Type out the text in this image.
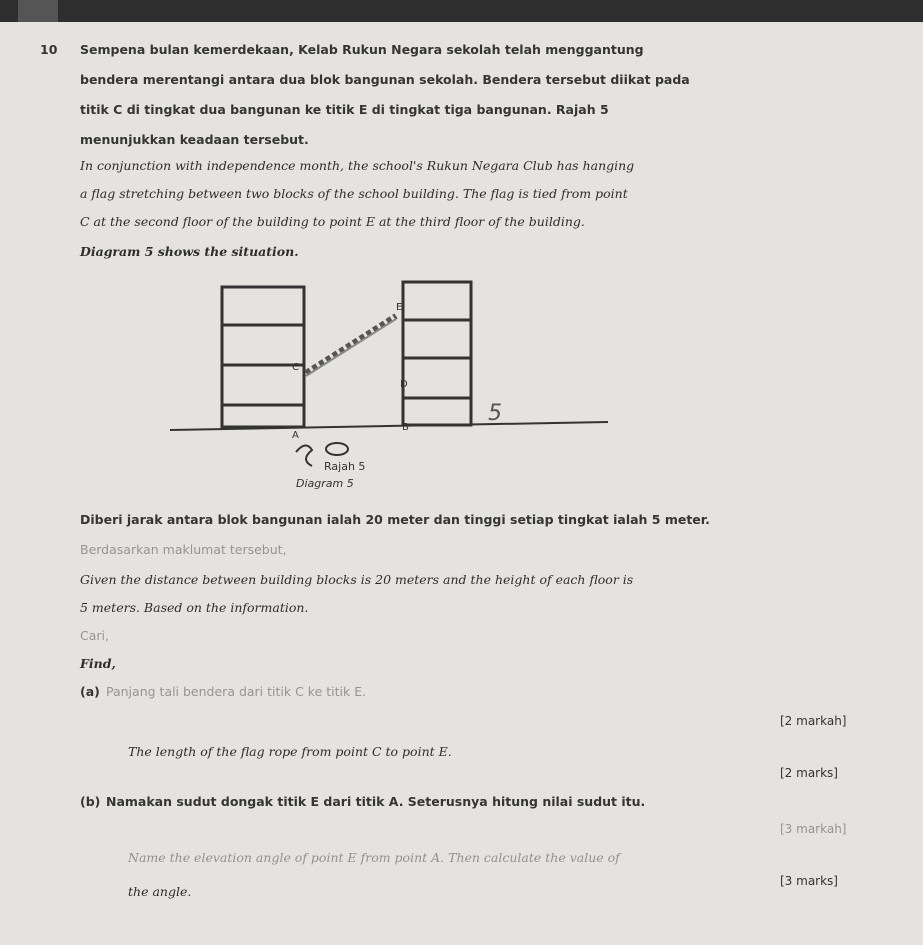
10 Sempena bulan kemerdekaan, Kelab Rukun Negara sekolah telah menggantung
bendera merentangi antara dua blok bangunan sekolah. Bendera tersebut diikat pada
titik C di tingkat dua bangunan ke titik E di tingkat tiga bangunan. Rajah 5
menunjukkan keadaan tersebut.
In conjunction with independence month, the school's Rukun Negara Club has hanging
a flag stretching between two blocks of the school building. The flag is tied from point
C at the second floor of the building to point E at the third floor of the building.
Diagram 5 shows the situation.
E
C
D
B
A
5
Rajah 5
Diagram 5
Diberi jarak antara blok bangunan ialah 20 meter dan tinggi setiap tingkat ialah 5 meter.
Berdasarkan maklumat tersebut,
Given the distance between building blocks is 20 meters and the height of each floor is
5 meters. Based on the information.
Cari,
Find,
(a) Panjang tali bendera dari titik C ke titik E.
[2 markah]
The length of the flag rope from point C to point E.
[2 marks]
(b) Namakan sudut dongak titik E dari titik A. Seterusnya hitung nilai sudut itu.
[3 markah]
Name the elevation angle of point E from point A. Then calculate the value of
the angle.
[3 marks]
